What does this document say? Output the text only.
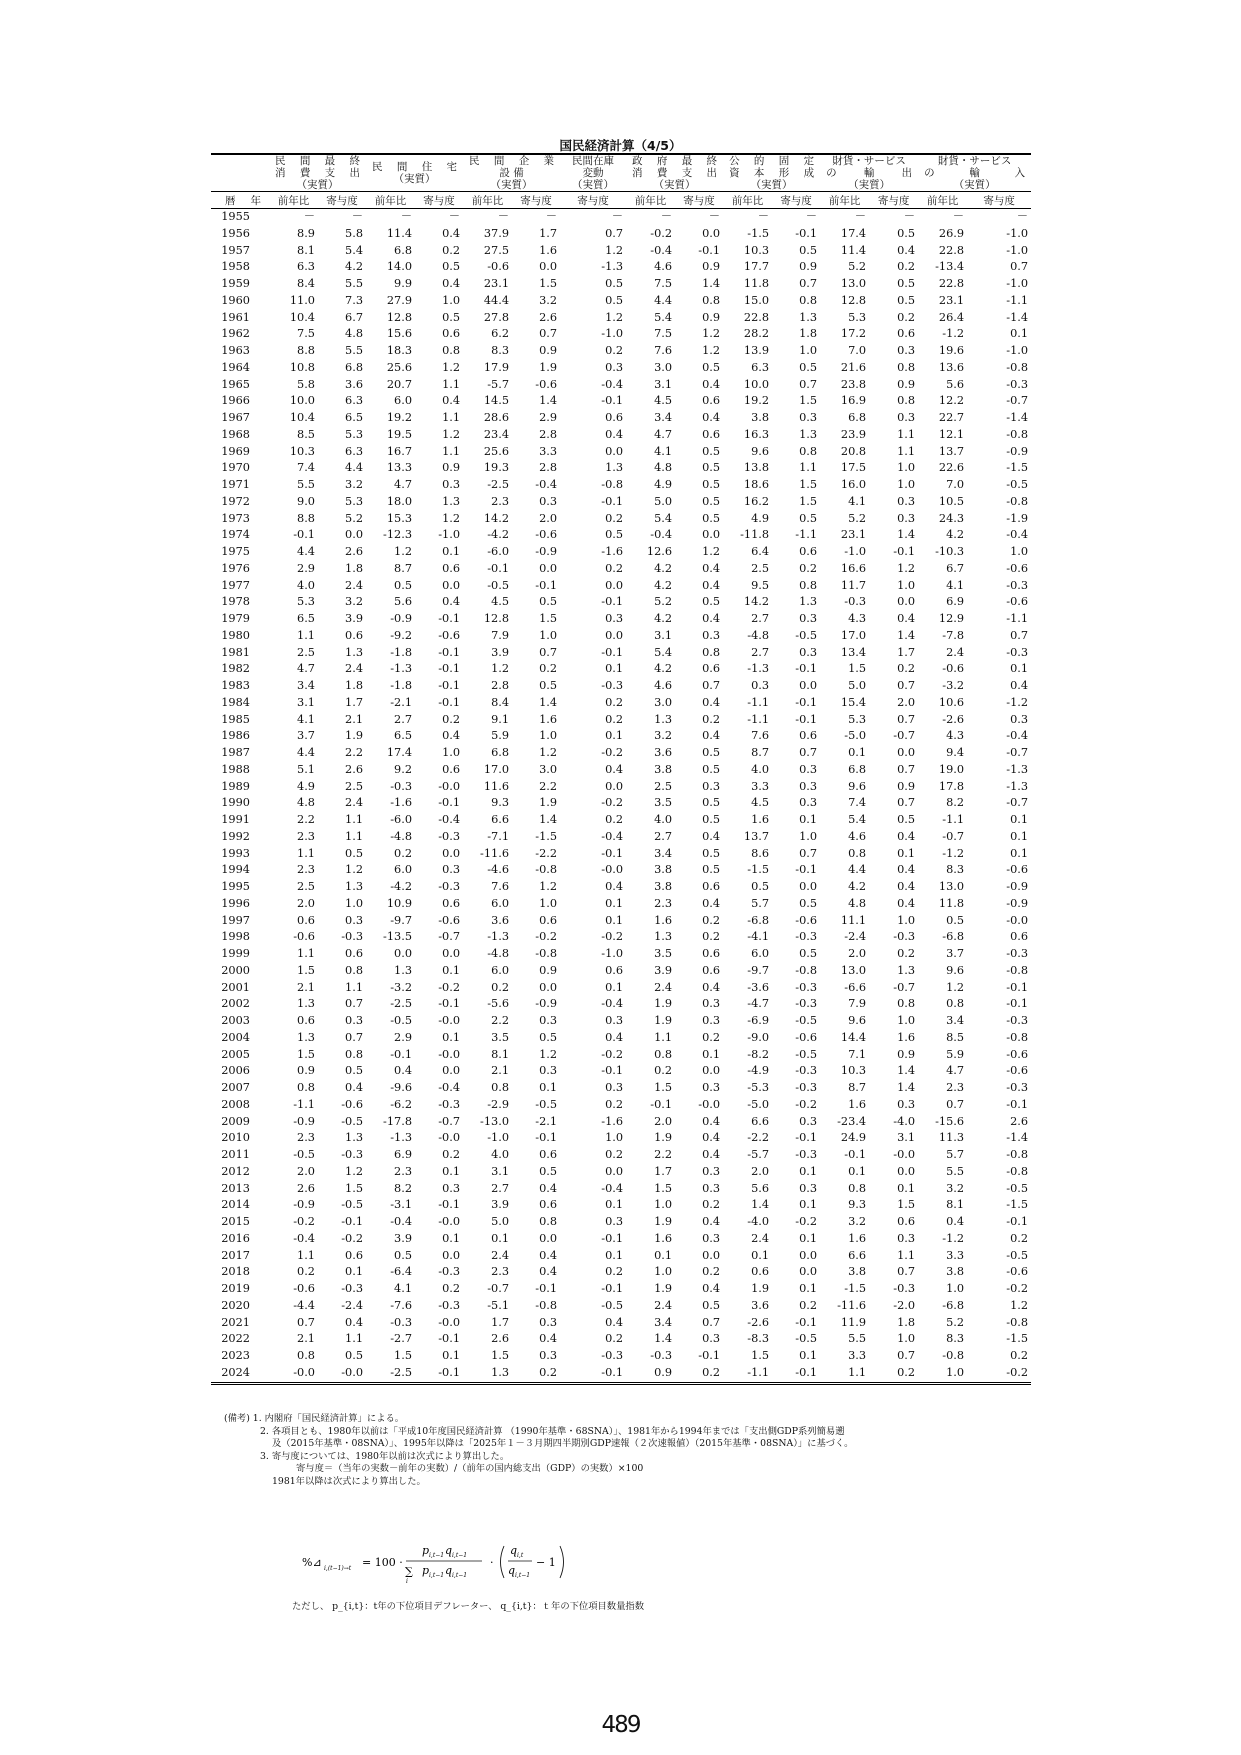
国民経済計算（4/5）

	民 間 最 終
消 費 支 出
（実質）		民 間 住 宅
（実質）		民 間 企 業
設 備
（実質）		民間在庫
変動
（実質）	政 府 最 終
消 費 支 出
（実質）		公 的 固 定
資 本 形 成
（実質）		財貨・サービス
の 輸 出
（実質）		財貨・サービス
の 輸 入
（実質）	

暦 年	前年比	寄与度	前年比	寄与度	前年比	寄与度	寄与度	前年比	寄与度	前年比	寄与度	前年比	寄与度	前年比	寄与度
1955	－	－	－	－	－	－	－	－	－	－	－	－	－	－	－
1956	8.9	5.8	11.4	0.4	37.9	1.7	0.7	-0.2	0.0	-1.5	-0.1	17.4	0.5	26.9	-1.0
1957	8.1	5.4	6.8	0.2	27.5	1.6	1.2	-0.4	-0.1	10.3	0.5	11.4	0.4	22.8	-1.0
1958	6.3	4.2	14.0	0.5	-0.6	0.0	-1.3	4.6	0.9	17.7	0.9	5.2	0.2	-13.4	0.7
1959	8.4	5.5	9.9	0.4	23.1	1.5	0.5	7.5	1.4	11.8	0.7	13.0	0.5	22.8	-1.0
1960	11.0	7.3	27.9	1.0	44.4	3.2	0.5	4.4	0.8	15.0	0.8	12.8	0.5	23.1	-1.1
1961	10.4	6.7	12.8	0.5	27.8	2.6	1.2	5.4	0.9	22.8	1.3	5.3	0.2	26.4	-1.4
1962	7.5	4.8	15.6	0.6	6.2	0.7	-1.0	7.5	1.2	28.2	1.8	17.2	0.6	-1.2	0.1
1963	8.8	5.5	18.3	0.8	8.3	0.9	0.2	7.6	1.2	13.9	1.0	7.0	0.3	19.6	-1.0
1964	10.8	6.8	25.6	1.2	17.9	1.9	0.3	3.0	0.5	6.3	0.5	21.6	0.8	13.6	-0.8
1965	5.8	3.6	20.7	1.1	-5.7	-0.6	-0.4	3.1	0.4	10.0	0.7	23.8	0.9	5.6	-0.3
1966	10.0	6.3	6.0	0.4	14.5	1.4	-0.1	4.5	0.6	19.2	1.5	16.9	0.8	12.2	-0.7
1967	10.4	6.5	19.2	1.1	28.6	2.9	0.6	3.4	0.4	3.8	0.3	6.8	0.3	22.7	-1.4
1968	8.5	5.3	19.5	1.2	23.4	2.8	0.4	4.7	0.6	16.3	1.3	23.9	1.1	12.1	-0.8
1969	10.3	6.3	16.7	1.1	25.6	3.3	0.0	4.1	0.5	9.6	0.8	20.8	1.1	13.7	-0.9
1970	7.4	4.4	13.3	0.9	19.3	2.8	1.3	4.8	0.5	13.8	1.1	17.5	1.0	22.6	-1.5
1971	5.5	3.2	4.7	0.3	-2.5	-0.4	-0.8	4.9	0.5	18.6	1.5	16.0	1.0	7.0	-0.5
1972	9.0	5.3	18.0	1.3	2.3	0.3	-0.1	5.0	0.5	16.2	1.5	4.1	0.3	10.5	-0.8
1973	8.8	5.2	15.3	1.2	14.2	2.0	0.2	5.4	0.5	4.9	0.5	5.2	0.3	24.3	-1.9
1974	-0.1	0.0	-12.3	-1.0	-4.2	-0.6	0.5	-0.4	0.0	-11.8	-1.1	23.1	1.4	4.2	-0.4
1975	4.4	2.6	1.2	0.1	-6.0	-0.9	-1.6	12.6	1.2	6.4	0.6	-1.0	-0.1	-10.3	1.0
1976	2.9	1.8	8.7	0.6	-0.1	0.0	0.2	4.2	0.4	2.5	0.2	16.6	1.2	6.7	-0.6
1977	4.0	2.4	0.5	0.0	-0.5	-0.1	0.0	4.2	0.4	9.5	0.8	11.7	1.0	4.1	-0.3
1978	5.3	3.2	5.6	0.4	4.5	0.5	-0.1	5.2	0.5	14.2	1.3	-0.3	0.0	6.9	-0.6
1979	6.5	3.9	-0.9	-0.1	12.8	1.5	0.3	4.2	0.4	2.7	0.3	4.3	0.4	12.9	-1.1
1980	1.1	0.6	-9.2	-0.6	7.9	1.0	0.0	3.1	0.3	-4.8	-0.5	17.0	1.4	-7.8	0.7
1981	2.5	1.3	-1.8	-0.1	3.9	0.7	-0.1	5.4	0.8	2.7	0.3	13.4	1.7	2.4	-0.3
1982	4.7	2.4	-1.3	-0.1	1.2	0.2	0.1	4.2	0.6	-1.3	-0.1	1.5	0.2	-0.6	0.1
1983	3.4	1.8	-1.8	-0.1	2.8	0.5	-0.3	4.6	0.7	0.3	0.0	5.0	0.7	-3.2	0.4
1984	3.1	1.7	-2.1	-0.1	8.4	1.4	0.2	3.0	0.4	-1.1	-0.1	15.4	2.0	10.6	-1.2
1985	4.1	2.1	2.7	0.2	9.1	1.6	0.2	1.3	0.2	-1.1	-0.1	5.3	0.7	-2.6	0.3
1986	3.7	1.9	6.5	0.4	5.9	1.0	0.1	3.2	0.4	7.6	0.6	-5.0	-0.7	4.3	-0.4
1987	4.4	2.2	17.4	1.0	6.8	1.2	-0.2	3.6	0.5	8.7	0.7	0.1	0.0	9.4	-0.7
1988	5.1	2.6	9.2	0.6	17.0	3.0	0.4	3.8	0.5	4.0	0.3	6.8	0.7	19.0	-1.3
1989	4.9	2.5	-0.3	-0.0	11.6	2.2	0.0	2.5	0.3	3.3	0.3	9.6	0.9	17.8	-1.3
1990	4.8	2.4	-1.6	-0.1	9.3	1.9	-0.2	3.5	0.5	4.5	0.3	7.4	0.7	8.2	-0.7
1991	2.2	1.1	-6.0	-0.4	6.6	1.4	0.2	4.0	0.5	1.6	0.1	5.4	0.5	-1.1	0.1
1992	2.3	1.1	-4.8	-0.3	-7.1	-1.5	-0.4	2.7	0.4	13.7	1.0	4.6	0.4	-0.7	0.1
1993	1.1	0.5	0.2	0.0	-11.6	-2.2	-0.1	3.4	0.5	8.6	0.7	0.8	0.1	-1.2	0.1
1994	2.3	1.2	6.0	0.3	-4.6	-0.8	-0.0	3.8	0.5	-1.5	-0.1	4.4	0.4	8.3	-0.6
1995	2.5	1.3	-4.2	-0.3	7.6	1.2	0.4	3.8	0.6	0.5	0.0	4.2	0.4	13.0	-0.9
1996	2.0	1.0	10.9	0.6	6.0	1.0	0.1	2.3	0.4	5.7	0.5	4.8	0.4	11.8	-0.9
1997	0.6	0.3	-9.7	-0.6	3.6	0.6	0.1	1.6	0.2	-6.8	-0.6	11.1	1.0	0.5	-0.0
1998	-0.6	-0.3	-13.5	-0.7	-1.3	-0.2	-0.2	1.3	0.2	-4.1	-0.3	-2.4	-0.3	-6.8	0.6
1999	1.1	0.6	0.0	0.0	-4.8	-0.8	-1.0	3.5	0.6	6.0	0.5	2.0	0.2	3.7	-0.3
2000	1.5	0.8	1.3	0.1	6.0	0.9	0.6	3.9	0.6	-9.7	-0.8	13.0	1.3	9.6	-0.8
2001	2.1	1.1	-3.2	-0.2	0.2	0.0	0.1	2.4	0.4	-3.6	-0.3	-6.6	-0.7	1.2	-0.1
2002	1.3	0.7	-2.5	-0.1	-5.6	-0.9	-0.4	1.9	0.3	-4.7	-0.3	7.9	0.8	0.8	-0.1
2003	0.6	0.3	-0.5	-0.0	2.2	0.3	0.3	1.9	0.3	-6.9	-0.5	9.6	1.0	3.4	-0.3
2004	1.3	0.7	2.9	0.1	3.5	0.5	0.4	1.1	0.2	-9.0	-0.6	14.4	1.6	8.5	-0.8
2005	1.5	0.8	-0.1	-0.0	8.1	1.2	-0.2	0.8	0.1	-8.2	-0.5	7.1	0.9	5.9	-0.6
2006	0.9	0.5	0.4	0.0	2.1	0.3	-0.1	0.2	0.0	-4.9	-0.3	10.3	1.4	4.7	-0.6
2007	0.8	0.4	-9.6	-0.4	0.8	0.1	0.3	1.5	0.3	-5.3	-0.3	8.7	1.4	2.3	-0.3
2008	-1.1	-0.6	-6.2	-0.3	-2.9	-0.5	0.2	-0.1	-0.0	-5.0	-0.2	1.6	0.3	0.7	-0.1
2009	-0.9	-0.5	-17.8	-0.7	-13.0	-2.1	-1.6	2.0	0.4	6.6	0.3	-23.4	-4.0	-15.6	2.6
2010	2.3	1.3	-1.3	-0.0	-1.0	-0.1	1.0	1.9	0.4	-2.2	-0.1	24.9	3.1	11.3	-1.4
2011	-0.5	-0.3	6.9	0.2	4.0	0.6	0.2	2.2	0.4	-5.7	-0.3	-0.1	-0.0	5.7	-0.8
2012	2.0	1.2	2.3	0.1	3.1	0.5	0.0	1.7	0.3	2.0	0.1	0.1	0.0	5.5	-0.8
2013	2.6	1.5	8.2	0.3	2.7	0.4	-0.4	1.5	0.3	5.6	0.3	0.8	0.1	3.2	-0.5
2014	-0.9	-0.5	-3.1	-0.1	3.9	0.6	0.1	1.0	0.2	1.4	0.1	9.3	1.5	8.1	-1.5
2015	-0.2	-0.1	-0.4	-0.0	5.0	0.8	0.3	1.9	0.4	-4.0	-0.2	3.2	0.6	0.4	-0.1
2016	-0.4	-0.2	3.9	0.1	0.1	0.0	-0.1	1.6	0.3	2.4	0.1	1.6	0.3	-1.2	0.2
2017	1.1	0.6	0.5	0.0	2.4	0.4	0.1	0.1	0.0	0.1	0.0	6.6	1.1	3.3	-0.5
2018	0.2	0.1	-6.4	-0.3	2.3	0.4	0.2	1.0	0.2	0.6	0.0	3.8	0.7	3.8	-0.6
2019	-0.6	-0.3	4.1	0.2	-0.7	-0.1	-0.1	1.9	0.4	1.9	0.1	-1.5	-0.3	1.0	-0.2
2020	-4.4	-2.4	-7.6	-0.3	-5.1	-0.8	-0.5	2.4	0.5	3.6	0.2	-11.6	-2.0	-6.8	1.2
2021	0.7	0.4	-0.3	-0.0	1.7	0.3	0.4	3.4	0.7	-2.6	-0.1	11.9	1.8	5.2	-0.8
2022	2.1	1.1	-2.7	-0.1	2.6	0.4	0.2	1.4	0.3	-8.3	-0.5	5.5	1.0	8.3	-1.5
2023	0.8	0.5	1.5	0.1	1.5	0.3	-0.3	-0.3	-0.1	1.5	0.1	3.3	0.7	-0.8	0.2
2024	-0.0	-0.0	-2.5	-0.1	1.3	0.2	-0.1	0.9	0.2	-1.1	-0.1	1.1	0.2	1.0	-0.2
(備考) 1. 内閣府「国民経済計算」による。
2. 各項目とも、1980年以前は「平成10年度国民経済計算 （1990年基準・68SNA）」、1981年から1994年までは「支出側GDP系列簡易遡
及（2015年基準・08SNA）」、1995年以降は「2025年１－３月期四半期別GDP速報（２次速報値）（2015年基準・08SNA）」に基づく。
3. 寄与度については、1980年以前は次式により算出した。
寄与度＝（当年の実数－前年の実数）/（前年の国内総支出（GDP）の実数）×100
1981年以降は次式により算出した。
%⊿ i,(t−1)→t = 100 ·
p i,t−1 q i,t−1
∑
i
p i,t−1 q i,t−1
·
q i,t
q i,t−1
− 1
ただし、 p_{i,t}：t年の下位項目デフレーター、 q_{i,t}：ｔ年の下位項目数量指数
489
